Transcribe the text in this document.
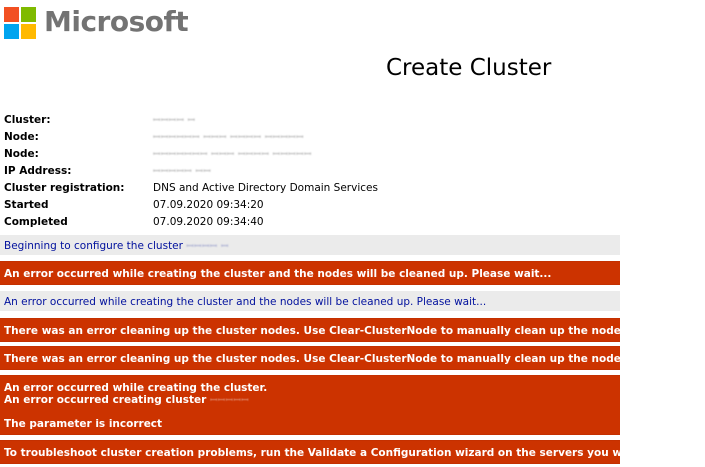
Microsoft
Create Cluster
Cluster:	ꟷꟷꟷꟷ ꟷ
Node:	ꟷꟷꟷꟷꟷꟷ ꟷꟷꟷ ꟷꟷꟷꟷ ꟷꟷꟷꟷꟷ
Node:	ꟷꟷꟷꟷꟷꟷꟷ ꟷꟷꟷ ꟷꟷꟷꟷ ꟷꟷꟷꟷꟷ
IP Address:	ꟷꟷꟷꟷꟷ ꟷꟷ
Cluster registration:	DNS and Active Directory Domain Services
Started	07.09.2020 09:34:20
Completed	07.09.2020 09:34:40
Beginning to configure the cluster ꟷꟷꟷꟷ ꟷ
An error occurred while creating the cluster and the nodes will be cleaned up. Please wait...
An error occurred while creating the cluster and the nodes will be cleaned up. Please wait...
There was an error cleaning up the cluster nodes. Use Clear-ClusterNode to manually clean up the nodes.
There was an error cleaning up the cluster nodes. Use Clear-ClusterNode to manually clean up the nodes.
An error occurred while creating the cluster.
An error occurred creating cluster ꟷꟷꟷꟷꟷ
The parameter is incorrect
To troubleshoot cluster creation problems, run the Validate a Configuration wizard on the servers you want to cluster.
